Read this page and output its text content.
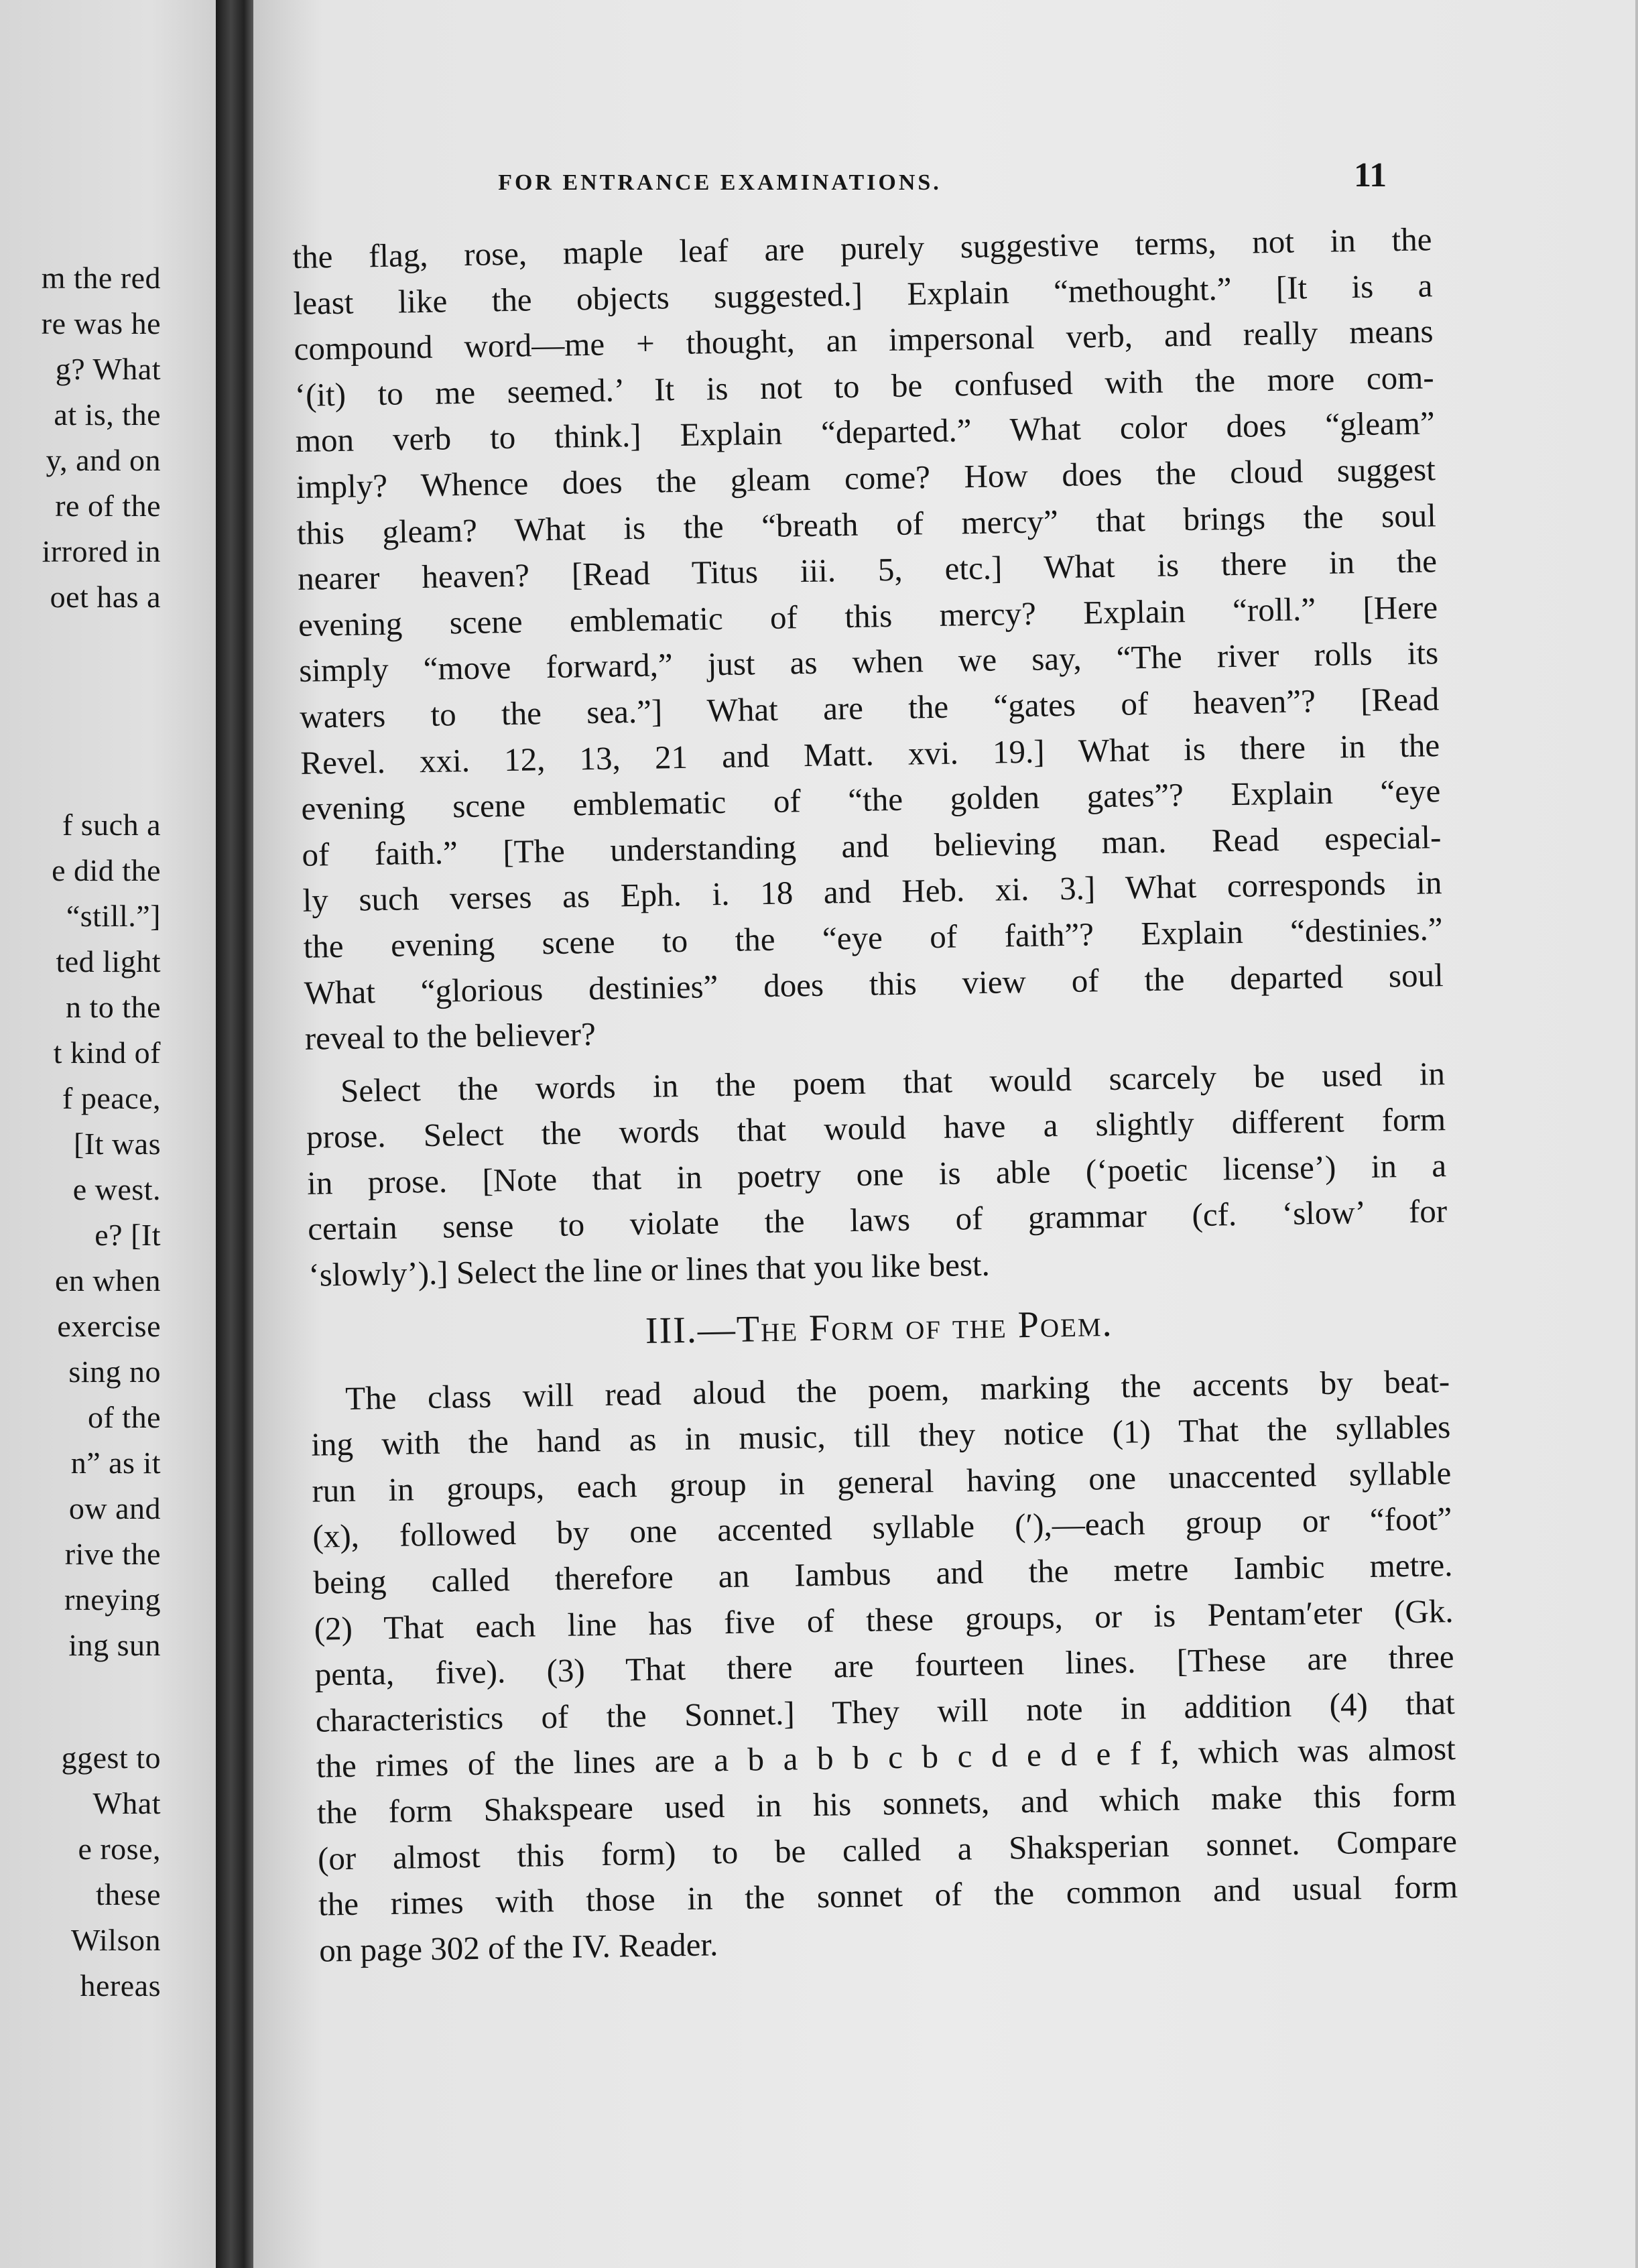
m the red
re was he
g? What
at is, the
y, and on
re of the
irrored in
oet has a
f such a
e did the
“still.”]
ted light
n to the
t kind of
f peace,
[It was
e west.
e? [It
en when
exercise
sing no
of the
n” as it
ow and
rive the
rneying
ing sun
ggest to
What
e rose,
these
Wilson
hereas
FOR ENTRANCE EXAMINATIONS.	11
the flag, rose, maple leaf are purely suggestive terms, not in the
least like the objects suggested.] Explain “methought.” [It is a
compound word—me + thought, an impersonal verb, and really means
‘(it) to me seemed.’ It is not to be confused with the more com-
mon verb to think.] Explain “departed.” What color does “gleam”
imply? Whence does the gleam come? How does the cloud suggest
this gleam? What is the “breath of mercy” that brings the soul
nearer heaven? [Read Titus iii. 5, etc.] What is there in the
evening scene emblematic of this mercy? Explain “roll.” [Here
simply “move forward,” just as when we say, “The river rolls its
waters to the sea.”] What are the “gates of heaven”? [Read
Revel. xxi. 12, 13, 21 and Matt. xvi. 19.] What is there in the
evening scene emblematic of “the golden gates”? Explain “eye
of faith.” [The understanding and believing man. Read especial-
ly such verses as Eph. i. 18 and Heb. xi. 3.] What corresponds in
the evening scene to the “eye of faith”? Explain “destinies.”
What “glorious destinies” does this view of the departed soul
reveal to the believer?
Select the words in the poem that would scarcely be used in
prose. Select the words that would have a slightly different form
in prose. [Note that in poetry one is able (‘poetic license’) in a
certain sense to violate the laws of grammar (cf. ‘slow’ for
‘slowly’).] Select the line or lines that you like best.
III.—The Form of the Poem.
The class will read aloud the poem, marking the accents by beat-
ing with the hand as in music, till they notice (1) That the syllables
run in groups, each group in general having one unaccented syllable
(x), followed by one accented syllable (′),—each group or “foot”
being called therefore an Iambus and the metre Iambic metre.
(2) That each line has five of these groups, or is Pentam′eter (Gk.
penta, five). (3) That there are fourteen lines. [These are three
characteristics of the Sonnet.] They will note in addition (4) that
the rimes of the lines are a b a b b c b c d e d e f f, which was almost
the form Shakspeare used in his sonnets, and which make this form
(or almost this form) to be called a Shaksperian sonnet. Compare
the rimes with those in the sonnet of the common and usual form
on page 302 of the IV. Reader.
